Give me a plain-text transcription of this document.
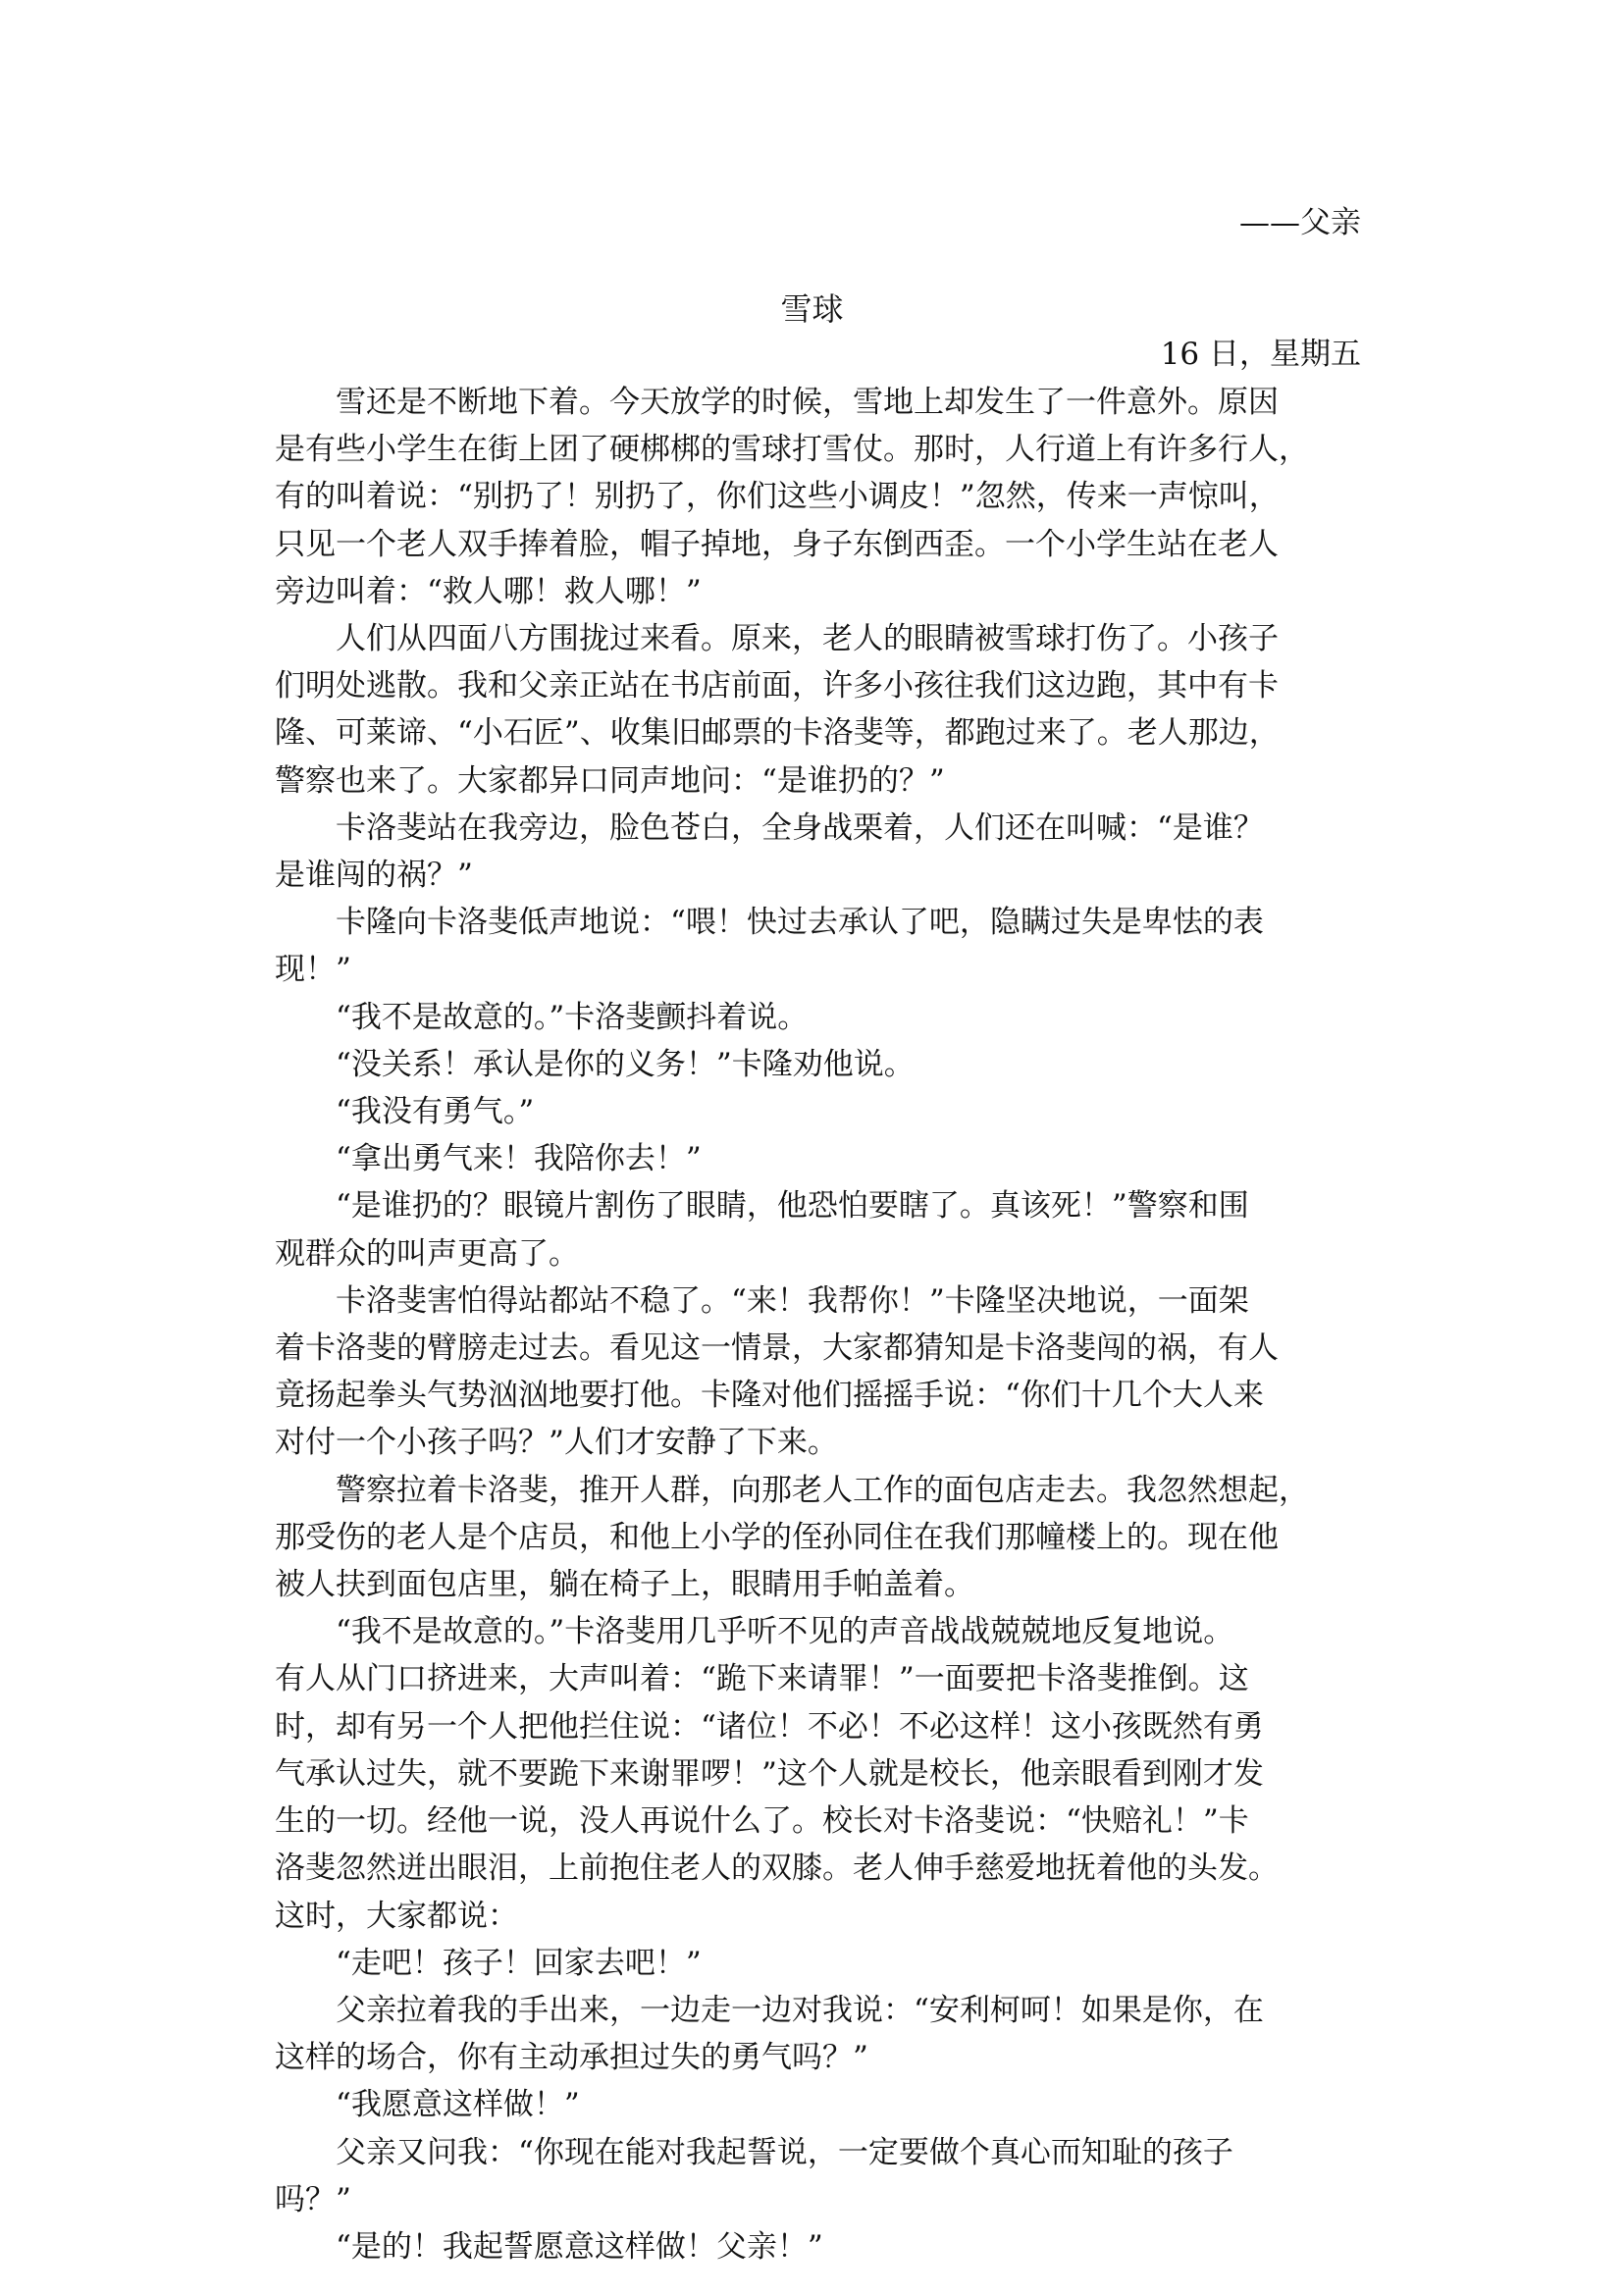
——父亲

雪球

16 日，星期五

雪还是不断地下着。今天放学的时候，雪地上却发生了一件意外。原因
是有些小学生在街上团了硬梆梆的雪球打雪仗。那时，人行道上有许多行人，
有的叫着说：“别扔了！别扔了，你们这些小调皮！”忽然，传来一声惊叫，
只见一个老人双手捧着脸，帽子掉地，身子东倒西歪。一个小学生站在老人
旁边叫着：“救人哪！救人哪！”

人们从四面八方围拢过来看。原来，老人的眼睛被雪球打伤了。小孩子
们明处逃散。我和父亲正站在书店前面，许多小孩往我们这边跑，其中有卡
隆、可莱谛、“小石匠”、收集旧邮票的卡洛斐等，都跑过来了。老人那边，
警察也来了。大家都异口同声地问：“是谁扔的？”

卡洛斐站在我旁边，脸色苍白，全身战栗着，人们还在叫喊：“是谁？
是谁闯的祸？”

卡隆向卡洛斐低声地说：“喂！快过去承认了吧，隐瞒过失是卑怯的表
现！”

“我不是故意的。”卡洛斐颤抖着说。

“没关系！承认是你的义务！”卡隆劝他说。

“我没有勇气。”

“拿出勇气来！我陪你去！”

“是谁扔的？眼镜片割伤了眼睛，他恐怕要瞎了。真该死！”警察和围
观群众的叫声更高了。

卡洛斐害怕得站都站不稳了。“来！我帮你！”卡隆坚决地说，一面架
着卡洛斐的臂膀走过去。看见这一情景，大家都猜知是卡洛斐闯的祸，有人
竟扬起拳头气势汹汹地要打他。卡隆对他们摇摇手说：“你们十几个大人来
对付一个小孩子吗？”人们才安静了下来。

警察拉着卡洛斐，推开人群，向那老人工作的面包店走去。我忽然想起，
那受伤的老人是个店员，和他上小学的侄孙同住在我们那幢楼上的。现在他
被人扶到面包店里，躺在椅子上，眼睛用手帕盖着。

“我不是故意的。”卡洛斐用几乎听不见的声音战战兢兢地反复地说。
有人从门口挤进来，大声叫着：“跪下来请罪！”一面要把卡洛斐推倒。这
时，却有另一个人把他拦住说：“诸位！不必！不必这样！这小孩既然有勇
气承认过失，就不要跪下来谢罪啰！”这个人就是校长，他亲眼看到刚才发
生的一切。经他一说，没人再说什么了。校长对卡洛斐说：“快赔礼！”卡
洛斐忽然迸出眼泪，上前抱住老人的双膝。老人伸手慈爱地抚着他的头发。
这时，大家都说：

“走吧！孩子！回家去吧！”

父亲拉着我的手出来，一边走一边对我说：“安利柯呵！如果是你，在
这样的场合，你有主动承担过失的勇气吗？”

“我愿意这样做！”

父亲又问我：“你现在能对我起誓说，一定要做个真心而知耻的孩子
吗？”

“是的！我起誓愿意这样做！父亲！”
